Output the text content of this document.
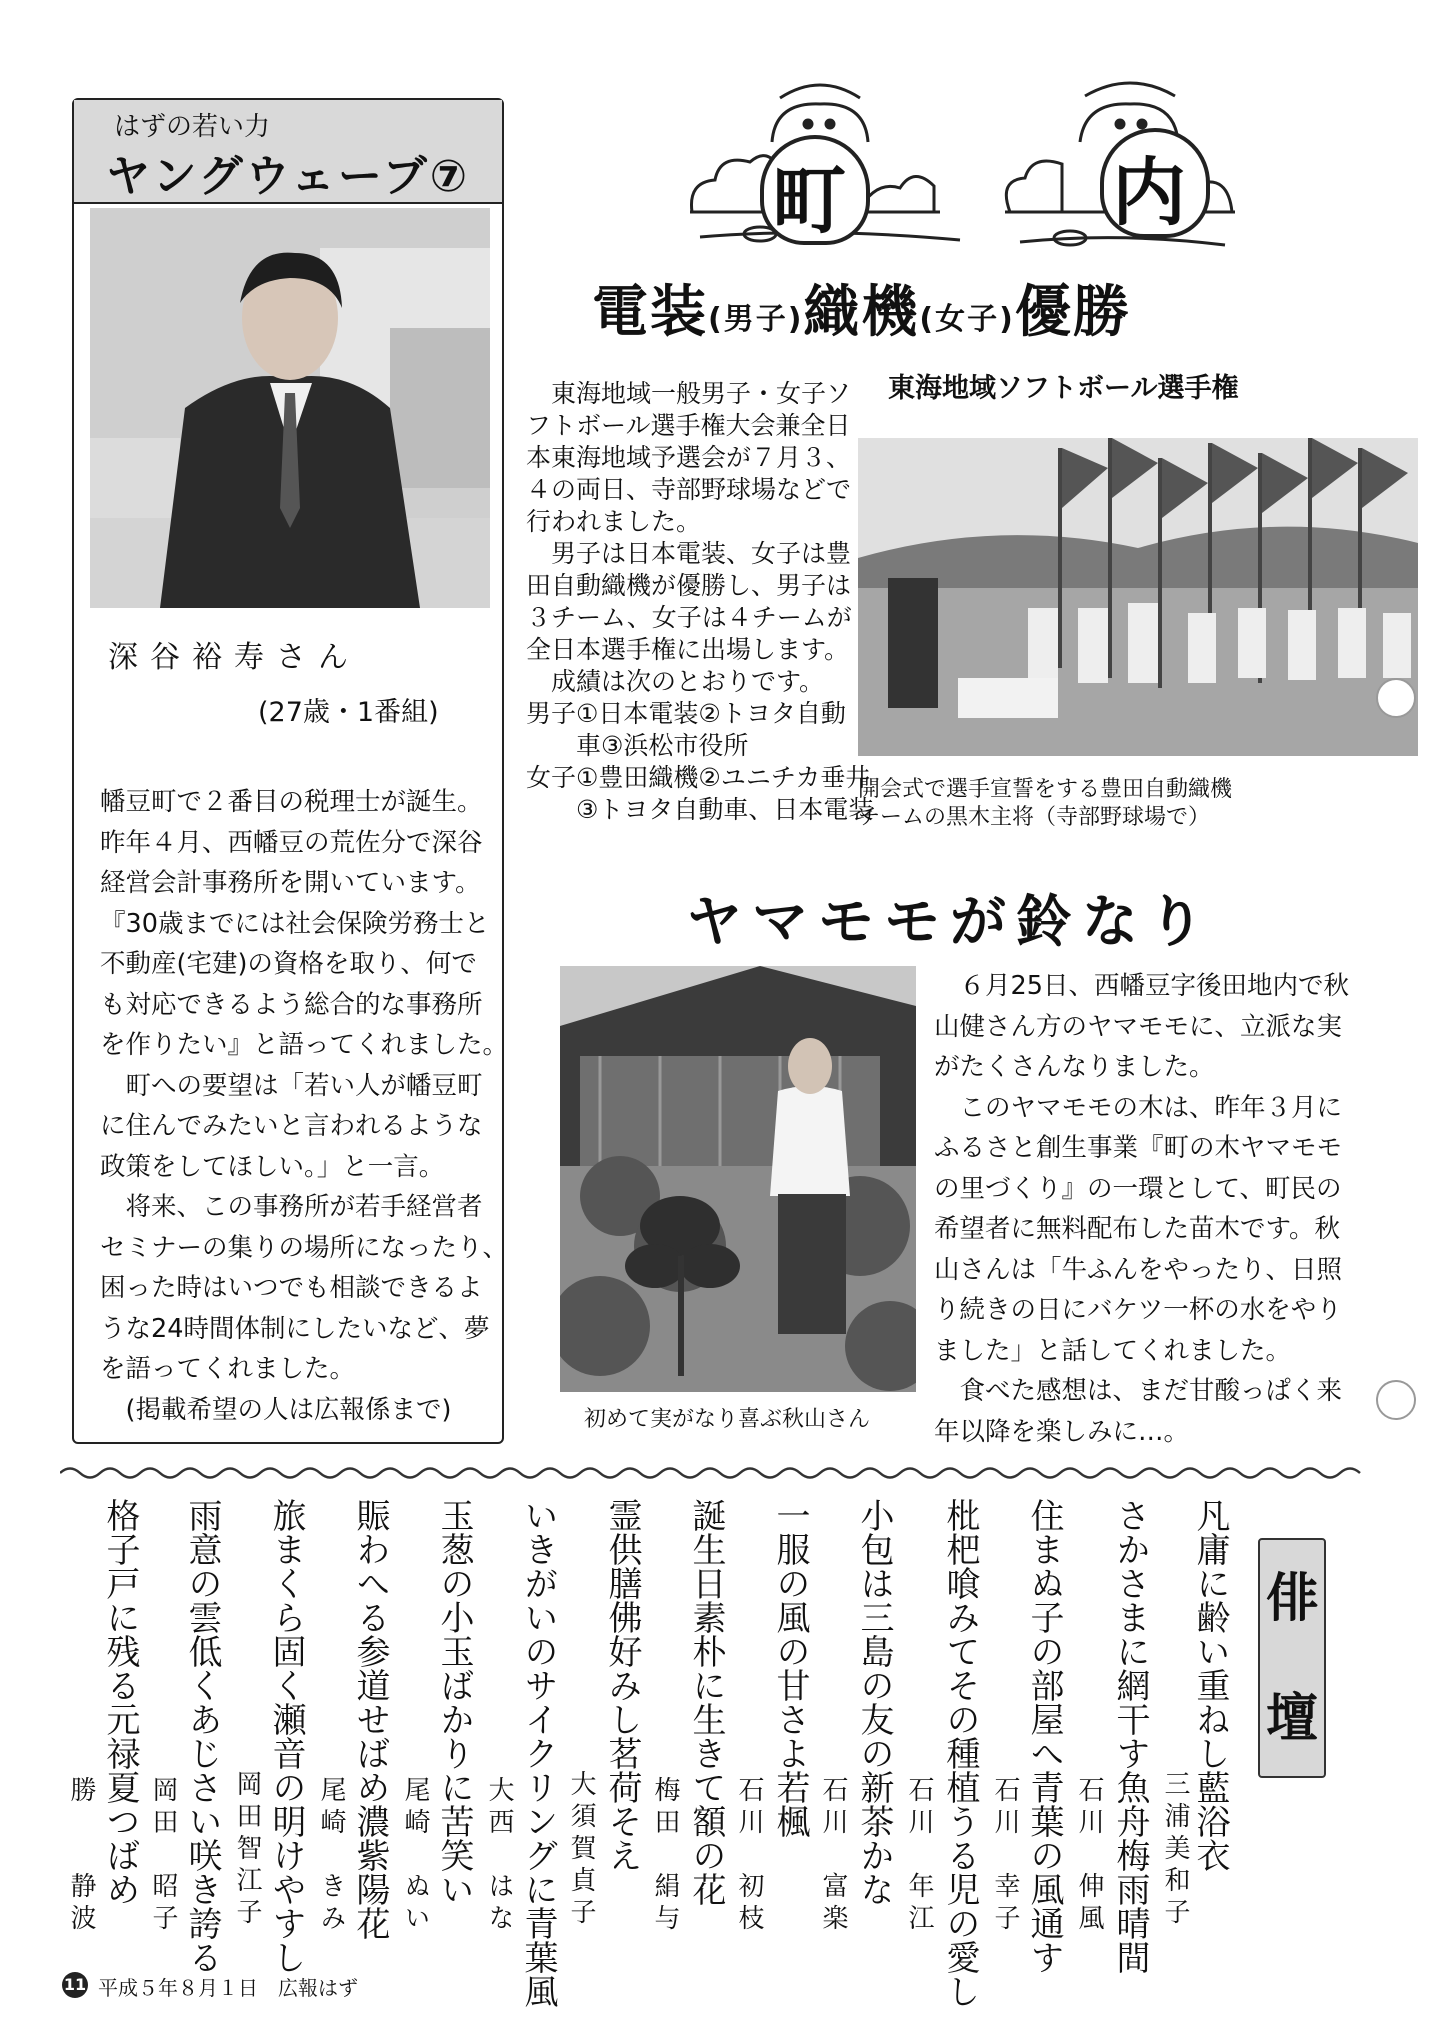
はずの若い力
ヤングウェーブ⑦
深谷裕寿さん
(27歳・1番組)
幡豆町で２番目の税理士が誕生。
昨年４月、西幡豆の荒佐分で深谷
経営会計事務所を開いています。
『30歳までには社会保険労務士と
不動産(宅建)の資格を取り、何で
も対応できるよう総合的な事務所
を作りたい』と語ってくれました。
　町への要望は「若い人が幡豆町
に住んでみたいと言われるような
政策をしてほしい。」と一言。
　将来、この事務所が若手経営者
セミナーの集りの場所になったり、
困った時はいつでも相談できるよ
うな24時間体制にしたいなど、夢
を語ってくれました。
　(掲載希望の人は広報係まで)
町	内
電装(男子)織機(女子)優勝
東海地域ソフトボール選手権
　東海地域一般男子・女子ソ
フトボール選手権大会兼全日
本東海地域予選会が７月３、
４の両日、寺部野球場などで
行われました。
　男子は日本電装、女子は豊
田自動織機が優勝し、男子は
３チーム、女子は４チームが
全日本選手権に出場します。
　成績は次のとおりです。
男子①日本電装②トヨタ自動
　　車③浜松市役所
女子①豊田織機②ユニチカ垂井
　　③トヨタ自動車、日本電装
開会式で選手宣誓をする豊田自動織機
チームの黒木主将（寺部野球場で）
ヤマモモが鈴なり
初めて実がなり喜ぶ秋山さん
　６月25日、西幡豆字後田地内で秋
山健さん方のヤマモモに、立派な実
がたくさんなりました。
　このヤマモモの木は、昨年３月に
ふるさと創生事業『町の木ヤマモモ
の里づくり』の一環として、町民の
希望者に無料配布した苗木です。秋
山さんは「牛ふんをやったり、日照
り続きの日にバケツ一杯の水をやり
ました」と話してくれました。
　食べた感想は、まだ甘酸っぱく来
年以降を楽しみに…。
俳
壇
凡庸に齢い重ねし藍浴衣
三浦美和子
さかさまに網干す魚舟梅雨晴間
石川　伸風
住まぬ子の部屋へ青葉の風通す
石川　幸子
枇杷喰みてその種植うる児の愛し
石川　年江
小包は三島の友の新茶かな
石川　富楽
一服の風の甘さよ若楓
石川　初枝
誕生日素朴に生きて額の花
梅田　絹与
霊供膳佛好みし茗荷そえ
大須賀貞子
いきがいのサイクリングに青葉風
大西　はな
玉葱の小玉ばかりに苦笑い
尾崎　ぬい
賑わへる参道せばめ濃紫陽花
尾崎　きみ
旅まくら固く瀬音の明けやすし
岡田智江子
雨意の雲低くあじさい咲き誇る
岡田　昭子
格子戸に残る元禄夏つばめ
勝　　静波
11 平成５年８月１日　広報はず
